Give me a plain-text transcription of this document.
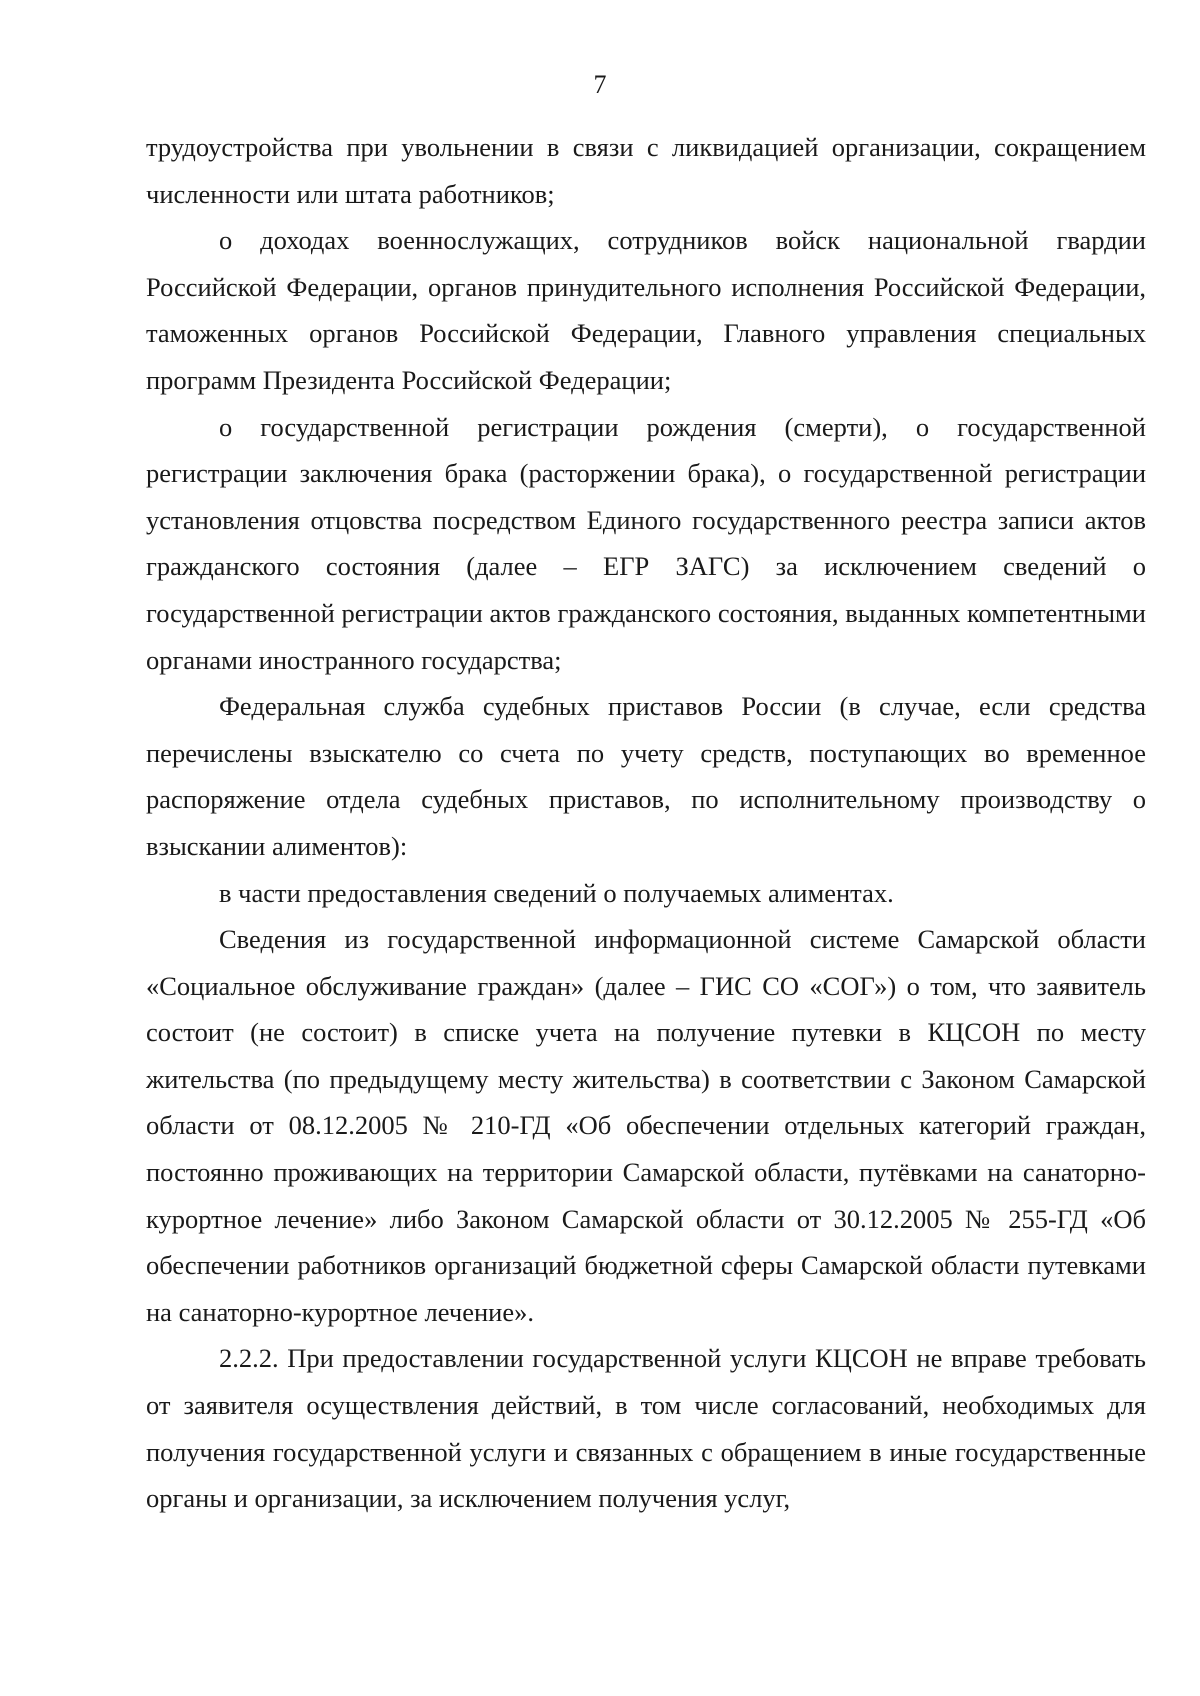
7

трудоустройства при увольнении в связи с ликвидацией организации, сокращением численности или штата работников;

о доходах военнослужащих, сотрудников войск национальной гвардии Российской Федерации, органов принудительного исполнения Российской Федерации, таможенных органов Российской Федерации, Главного управления специальных программ Президента Российской Федерации;

о государственной регистрации рождения (смерти), о государственной регистрации заключения брака (расторжении брака), о государственной регистрации установления отцовства посредством Единого государственного реестра записи актов гражданского состояния (далее – ЕГР ЗАГС) за исключением сведений о государственной регистрации актов гражданского состояния, выданных компетентными органами иностранного государства;

Федеральная служба судебных приставов России (в случае, если средства перечислены взыскателю со счета по учету средств, поступающих во временное распоряжение отдела судебных приставов, по исполнительному производству о взыскании алиментов):

в части предоставления сведений о получаемых алиментах.

Сведения из государственной информационной системе Самарской области «Социальное обслуживание граждан» (далее – ГИС СО «СОГ») о том, что заявитель состоит (не состоит) в списке учета на получение путевки в КЦСОН по месту жительства (по предыдущему месту жительства) в соответствии с Законом Самарской области от 08.12.2005 № 210-ГД «Об обеспечении отдельных категорий граждан, постоянно проживающих на территории Самарской области, путёвками на санаторно-курортное лечение» либо Законом Самарской области от 30.12.2005 № 255-ГД «Об обеспечении работников организаций бюджетной сферы Самарской области путевками на санаторно-курортное лечение».

2.2.2. При предоставлении государственной услуги КЦСОН не вправе требовать от заявителя осуществления действий, в том числе согласований, необходимых для получения государственной услуги и связанных с обращением в иные государственные органы и организации, за исключением получения услуг,
